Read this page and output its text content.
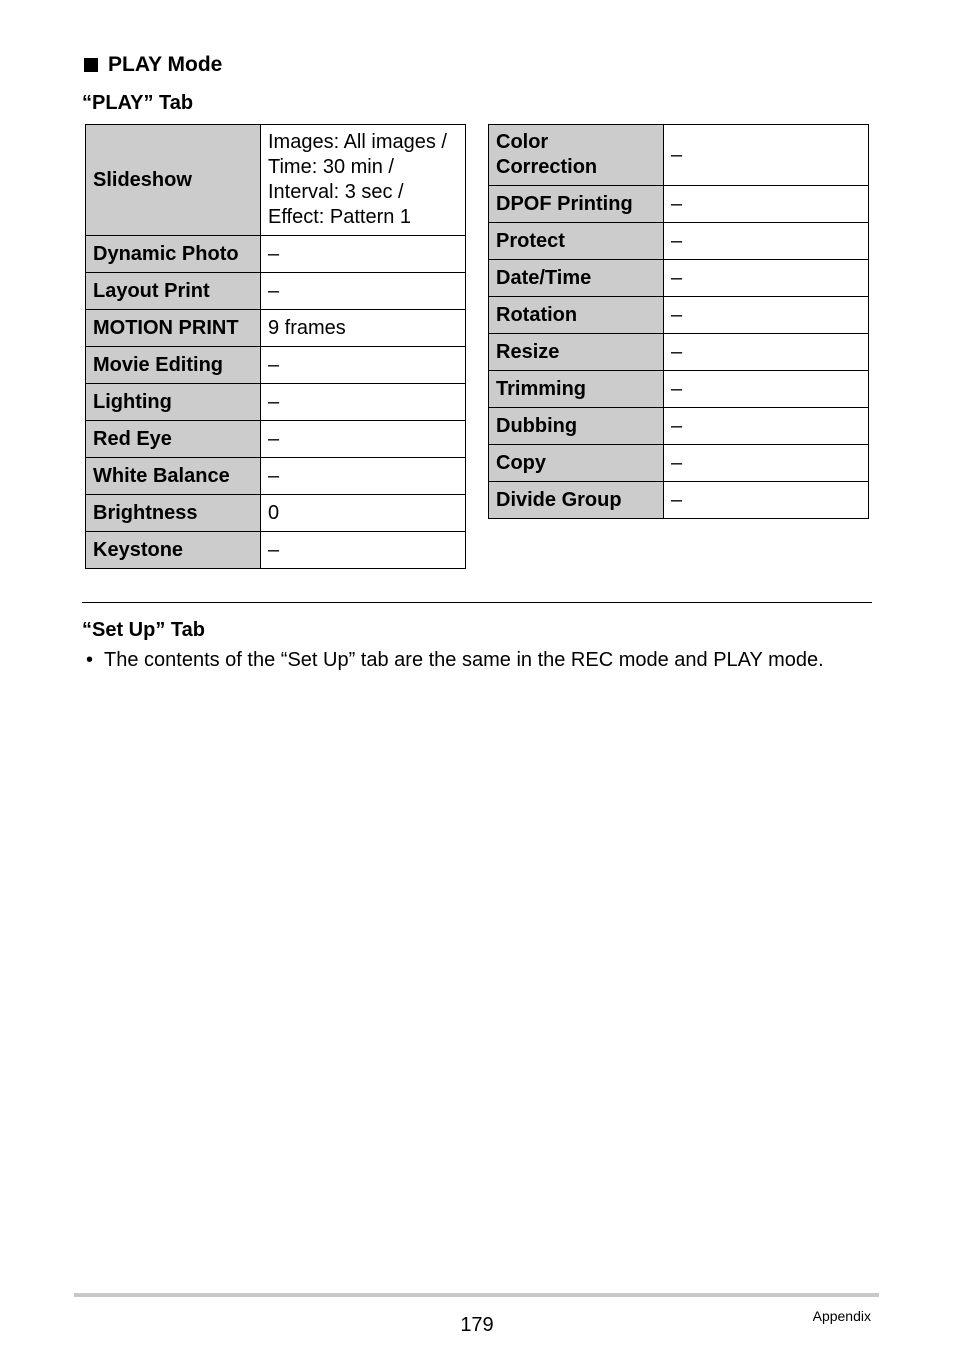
PLAY Mode
“PLAY” Tab
Slideshow	Images: All images /
Time: 30 min /
Interval: 3 sec /
Effect: Pattern 1
Dynamic Photo	–
Layout Print	–
MOTION PRINT	9 frames
Movie Editing	–
Lighting	–
Red Eye	–
White Balance	–
Brightness	0
Keystone	–
Color
Correction	–
DPOF Printing	–
Protect	–
Date/Time	–
Rotation	–
Resize	–
Trimming	–
Dubbing	–
Copy	–
Divide Group	–
“Set Up” Tab
• The contents of the “Set Up” tab are the same in the REC mode and PLAY mode.
179	Appendix
